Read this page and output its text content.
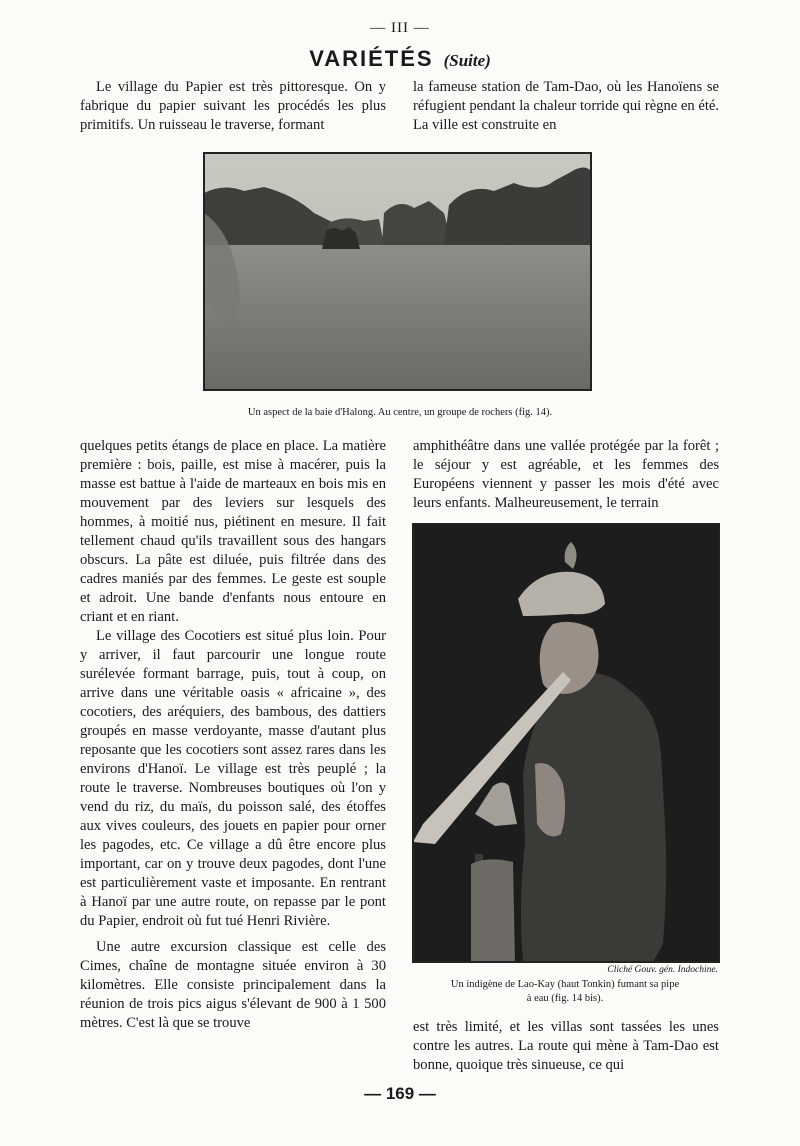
— III —
VARIÉTÉS (Suite)

Le village du Papier est très pittoresque. On y fabrique du papier suivant les procédés les plus primitifs. Un ruisseau le traverse, formant

la fameuse station de Tam-Dao, où les Hanoïens se réfugient pendant la chaleur torride qui règne en été. La ville est construite en

Un aspect de la baie d'Halong. Au centre, un groupe de rochers (fig. 14).

quelques petits étangs de place en place. La matière première : bois, paille, est mise à macérer, puis la masse est battue à l'aide de marteaux en bois mis en mouvement par des leviers sur lesquels des hommes, à moitié nus, piétinent en mesure. Il fait tellement chaud qu'ils travaillent sous des hangars obscurs. La pâte est diluée, puis filtrée dans des cadres maniés par des femmes. Le geste est souple et adroit. Une bande d'enfants nous entoure en criant et en riant.

Le village des Cocotiers est situé plus loin. Pour y arriver, il faut parcourir une longue route surélevée formant barrage, puis, tout à coup, on arrive dans une véritable oasis « africaine », des cocotiers, des aréquiers, des bambous, des dattiers groupés en masse verdoyante, masse d'autant plus reposante que les cocotiers sont assez rares dans les environs d'Hanoï. Le village est très peuplé ; la route le traverse. Nombreuses boutiques où l'on y vend du riz, du maïs, du poisson salé, des étoffes aux vives couleurs, des jouets en papier pour orner les pagodes, etc. Ce village a dû être encore plus important, car on y trouve deux pagodes, dont l'une est particulièrement vaste et imposante. En rentrant à Hanoï par une autre route, on repasse par le pont du Papier, endroit où fut tué Henri Rivière.

Une autre excursion classique est celle des Cimes, chaîne de montagne située environ à 30 kilomètres. Elle consiste principalement dans la réunion de trois pics aigus s'élevant de 900 à 1 500 mètres. C'est là que se trouve

amphithéâtre dans une vallée protégée par la forêt ; le séjour y est agréable, et les femmes des Européens viennent y passer les mois d'été avec leurs enfants. Malheureusement, le terrain

Cliché Gouv. gén. Indochine.
Un indigène de Lao-Kay (haut Tonkin) fumant sa pipe
à eau (fig. 14 bis).

est très limité, et les villas sont tassées les unes contre les autres. La route qui mène à Tam-Dao est bonne, quoique très sinueuse, ce qui

— 169 —
